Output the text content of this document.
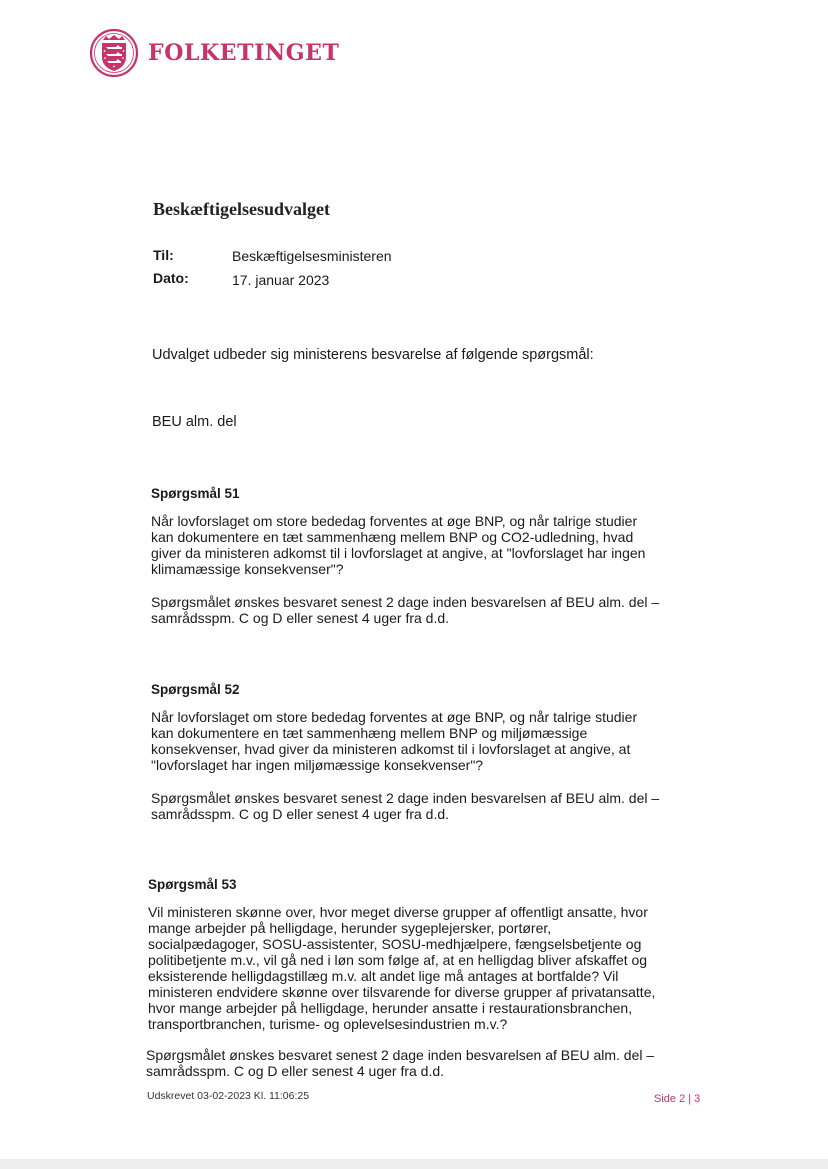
FOLKETINGET
Beskæftigelsesudvalget
Til:	Beskæftigelsesministeren
Dato:	17. januar 2023
Udvalget udbeder sig ministerens besvarelse af følgende spørgsmål:
BEU alm. del
Spørgsmål 51
Når lovforslaget om store bededag forventes at øge BNP, og når talrige studier
kan dokumentere en tæt sammenhæng mellem BNP og CO2-udledning, hvad
giver da ministeren adkomst til i lovforslaget at angive, at "lovforslaget har ingen
klimamæssige konsekvenser"?
Spørgsmålet ønskes besvaret senest 2 dage inden besvarelsen af BEU alm. del –
samrådsspm. C og D eller senest 4 uger fra d.d.
Spørgsmål 52
Når lovforslaget om store bededag forventes at øge BNP, og når talrige studier
kan dokumentere en tæt sammenhæng mellem BNP og miljømæssige
konsekvenser, hvad giver da ministeren adkomst til i lovforslaget at angive, at
"lovforslaget har ingen miljømæssige konsekvenser"?
Spørgsmålet ønskes besvaret senest 2 dage inden besvarelsen af BEU alm. del –
samrådsspm. C og D eller senest 4 uger fra d.d.
Spørgsmål 53
Vil ministeren skønne over, hvor meget diverse grupper af offentligt ansatte, hvor
mange arbejder på helligdage, herunder sygeplejersker, portører,
socialpædagoger, SOSU-assistenter, SOSU-medhjælpere, fængselsbetjente og
politibetjente m.v., vil gå ned i løn som følge af, at en helligdag bliver afskaffet og
eksisterende helligdagstillæg m.v. alt andet lige må antages at bortfalde? Vil
ministeren endvidere skønne over tilsvarende for diverse grupper af privatansatte,
hvor mange arbejder på helligdage, herunder ansatte i restaurationsbranchen,
transportbranchen, turisme- og oplevelsesindustrien m.v.?
Spørgsmålet ønskes besvaret senest 2 dage inden besvarelsen af BEU alm. del –
samrådsspm. C og D eller senest 4 uger fra d.d.
Udskrevet 03-02-2023 Kl. 11:06:25	Side 2 | 3
